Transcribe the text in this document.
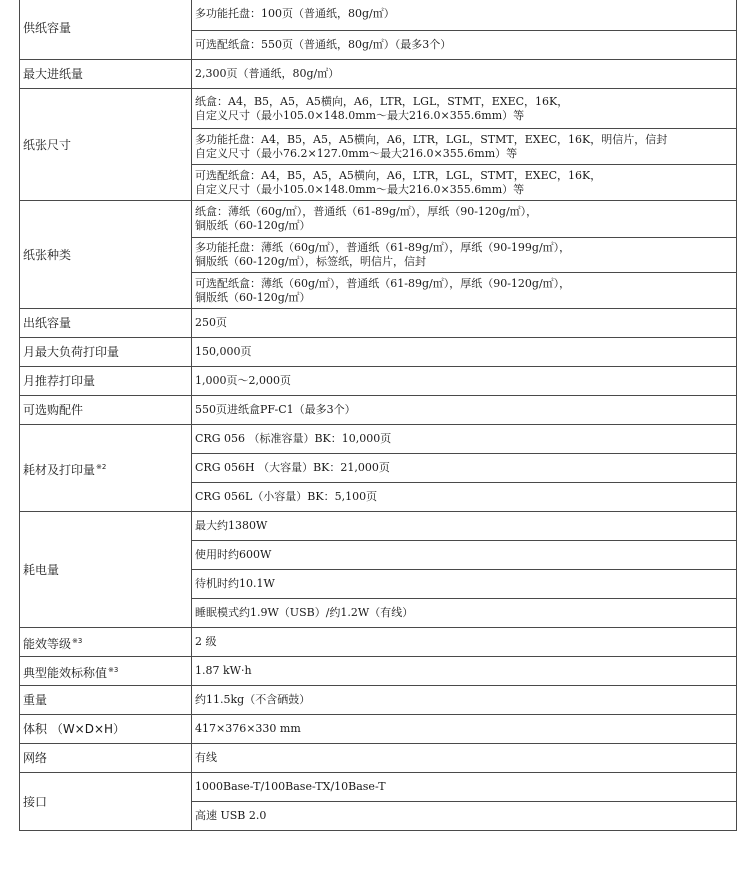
供纸容量	多功能托盘：100页（普通纸，80g/㎡）

	可选配纸盒：550页（普通纸，80g/㎡）（最多3个）

最大进纸量	2,300页（普通纸，80g/㎡）
纸张尺寸	纸盒：A4，B5，A5，A5横向，A6，LTR，LGL，STMT，EXEC，16K，
自定义尺寸（最小105.0×148.0mm～最大216.0×355.6mm）等

	多功能托盘：A4，B5，A5，A5横向，A6，LTR，LGL，STMT，EXEC，16K，明信片，信封
自定义尺寸（最小76.2×127.0mm～最大216.0×355.6mm）等

	可选配纸盒：A4，B5，A5，A5横向，A6，LTR，LGL，STMT，EXEC，16K，
自定义尺寸（最小105.0×148.0mm～最大216.0×355.6mm）等

纸张种类	纸盒：薄纸（60g/㎡），普通纸（61-89g/㎡），厚纸（90-120g/㎡），
铜版纸（60-120g/㎡）

	多功能托盘：薄纸（60g/㎡），普通纸（61-89g/㎡），厚纸（90-199g/㎡），
铜版纸（60-120g/㎡），标签纸，明信片，信封

	可选配纸盒：薄纸（60g/㎡），普通纸（61-89g/㎡），厚纸（90-120g/㎡），
铜版纸（60-120g/㎡）

出纸容量	250页
月最大负荷打印量	150,000页
月推荐打印量	1,000页～2,000页
可选购配件	550页进纸盒PF-C1（最多3个）
耗材及打印量$^{※2}$	CRG 056 （标准容量）BK：10,000页

	CRG 056H （大容量）BK：21,000页

	CRG 056L（小容量）BK：5,100页

耗电量	最大约1380W

	使用时约600W

	待机时约10.1W

	睡眠模式约1.9W（USB）/约1.2W（有线）

能效等级$^{※3}$	2 级
典型能效标称值$^{※3}$	1.87 kW·h
重量	约11.5kg（不含硒鼓）
体积 （W×D×H）	417×376×330 mm
网络	有线
接口	1000Base-T/100Base-TX/10Base-T

	高速 USB 2.0
